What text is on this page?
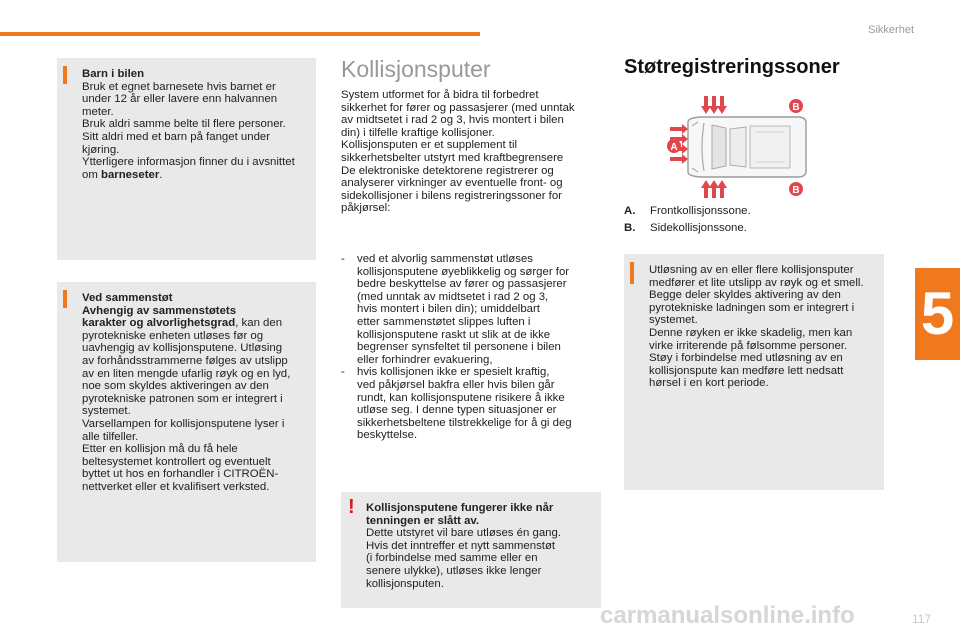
Sikkerhet
5

Barn i bilen

Bruk et egnet barnesete hvis barnet er

under 12 år eller lavere enn halvannen

meter.

Bruk aldri samme belte til flere personer.

Sitt aldri med et barn på fanget under

kjøring.

Ytterligere informasjon finner du i avsnittet

om barneseter.

Ved sammenstøt

Avhengig av sammenstøtets

karakter og alvorlighetsgrad, kan den

pyrotekniske enheten utløses før og

uavhengig av kollisjonsputene. Utløsing

av forhåndsstrammerne følges av utslipp

av en liten mengde ufarlig røyk og en lyd,

noe som skyldes aktiveringen av den

pyrotekniske patronen som er integrert i

systemet.

Varsellampen for kollisjonsputene lyser i

alle tilfeller.

Etter en kollisjon må du få hele

beltesystemet kontrollert og eventuelt

byttet ut hos en forhandler i CITROËN-

nettverket eller et kvalifisert verksted.

Kollisjonsputer

System utformet for å bidra til forbedret

sikkerhet for fører og passasjerer (med unntak

av midtsetet i rad 2 og 3, hvis montert i bilen

din) i tilfelle kraftige kollisjoner.

Kollisjonsputen er et supplement til

sikkerhetsbelter utstyrt med kraftbegrensere

De elektroniske detektorene registrerer og

analyserer virkninger av eventuelle front- og

sidekollisjoner i bilens registreringssoner for

påkjørsel:

- ved et alvorlig sammenstøt utløses

kollisjonsputene øyeblikkelig og sørger for

bedre beskyttelse av fører og passasjerer

(med unntak av midtsetet i rad 2 og 3,

hvis montert i bilen din); umiddelbart

etter sammenstøtet slippes luften i

kollisjonsputene raskt ut slik at de ikke

begrenser synsfeltet til personene i bilen

eller forhindrer evakuering,

- hvis kollisjonen ikke er spesielt kraftig,

ved påkjørsel bakfra eller hvis bilen går

rundt, kan kollisjonsputene risikere å ikke

utløse seg. I denne typen situasjoner er

sikkerhetsbeltene tilstrekkelige for å gi deg

beskyttelse.

! Kollisjonsputene fungerer ikke når

tenningen er slått av.

Dette utstyret vil bare utløses én gang.

Hvis det inntreffer et nytt sammenstøt

(i forbindelse med samme eller en

senere ulykke), utløses ikke lenger

kollisjonsputen.

Støtregistreringssoner
A
B
B
A. Frontkollisjonssone.
B. Sidekollisjonssone.

Utløsning av en eller flere kollisjonsputer

medfører et lite utslipp av røyk og et smell.

Begge deler skyldes aktivering av den

pyrotekniske ladningen som er integrert i

systemet.

Denne røyken er ikke skadelig, men kan

virke irriterende på følsomme personer.

Støy i forbindelse med utløsning av en

kollisjonspute kan medføre lett nedsatt

hørsel i en kort periode.

carmanualsonline.info	117
